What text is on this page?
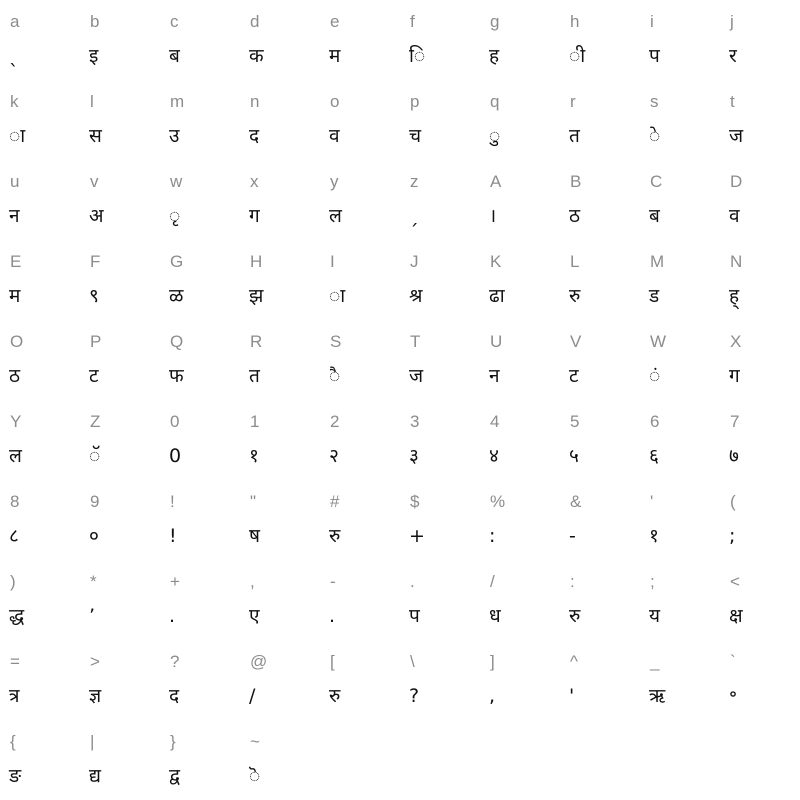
a
ˎ
b
इ
c
ब
d
क
e
म
f
ि
g
ह
h
ी
i
प
j
र
k
ा
l
स
m
उ
n
द
o
व
p
च
q
ु
r
त
s
े
t
ज
u
न
v
अ
w
ृ
x
ग
y
ल
z
ˏ
A
।
B
ठ
C
ब
D
व
E
म
F
९
G
ळ
H
झ
I
ा
J
श्र
K
ढा
L
रु
M
ड
N
ह्
O
ठ
P
ट
Q
फ
R
त
S
ै
T
ज
U
न
V
ट
W
ं
X
ग
Y
ल
Z
ॅ
0
0
1
१
2
२
3
३
4
४
5
५
6
६
7
७
8
८
9
०
!
!
"
ष
#
रु
$
+
%
:
&
-
'
१
(
;
)
द्ध
*
’
+
.
,
ए
-
.
.
प
/
ध
:
रु
;
य
<
क्ष
=
त्र
>
ज्ञ
?
द
@
/
[
रु
\
?
]
,
^
'
_
ऋ
`
॰
{
ङ
|
द्य
}
द्व
~
ॆ
